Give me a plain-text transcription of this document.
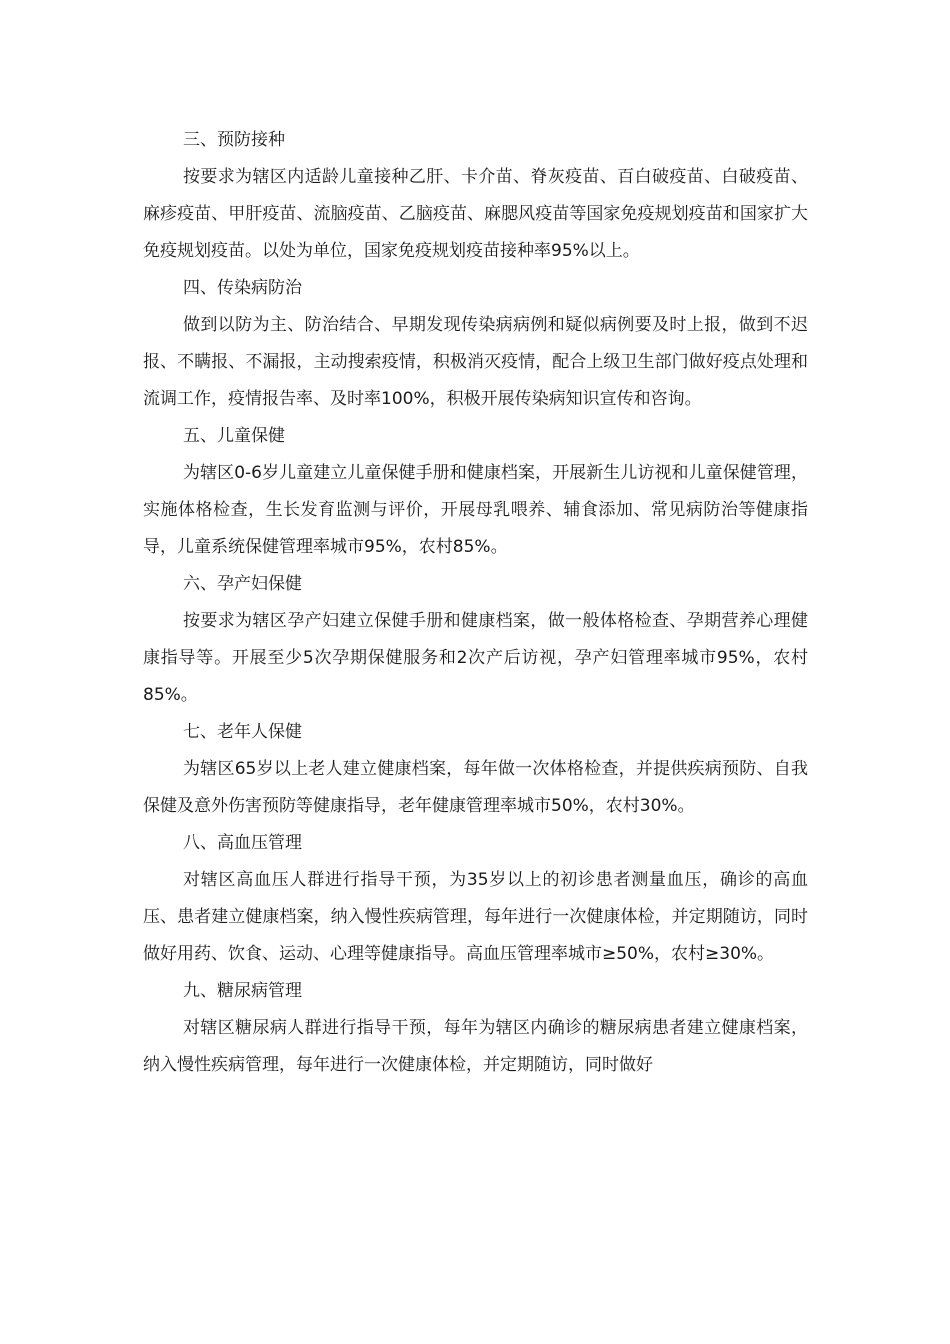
三、预防接种

按要求为辖区内适龄儿童接种乙肝、卡介苗、脊灰疫苗、百白破疫苗、白破疫苗、麻疹疫苗、甲肝疫苗、流脑疫苗、乙脑疫苗、麻腮风疫苗等国家免疫规划疫苗和国家扩大免疫规划疫苗。以处为单位，国家免疫规划疫苗接种率95%以上。

四、传染病防治

做到以防为主、防治结合、早期发现传染病病例和疑似病例要及时上报，做到不迟报、不瞒报、不漏报，主动搜索疫情，积极消灭疫情，配合上级卫生部门做好疫点处理和流调工作，疫情报告率、及时率100%，积极开展传染病知识宣传和咨询。

五、儿童保健

为辖区0-6岁儿童建立儿童保健手册和健康档案，开展新生儿访视和儿童保健管理，实施体格检查，生长发育监测与评价，开展母乳喂养、辅食添加、常见病防治等健康指导，儿童系统保健管理率城市95%，农村85%。

六、孕产妇保健

按要求为辖区孕产妇建立保健手册和健康档案，做一般体格检查、孕期营养心理健康指导等。开展至少5次孕期保健服务和2次产后访视，孕产妇管理率城市95%，农村85%。

七、老年人保健

为辖区65岁以上老人建立健康档案，每年做一次体格检查，并提供疾病预防、自我保健及意外伤害预防等健康指导，老年健康管理率城市50%，农村30%。

八、高血压管理

对辖区高血压人群进行指导干预，为35岁以上的初诊患者测量血压，确诊的高血压、患者建立健康档案，纳入慢性疾病管理，每年进行一次健康体检，并定期随访，同时做好用药、饮食、运动、心理等健康指导。高血压管理率城市≥50%，农村≥30%。

九、糖尿病管理

对辖区糖尿病人群进行指导干预，每年为辖区内确诊的糖尿病患者建立健康档案，纳入慢性疾病管理，每年进行一次健康体检，并定期随访，同时做好
